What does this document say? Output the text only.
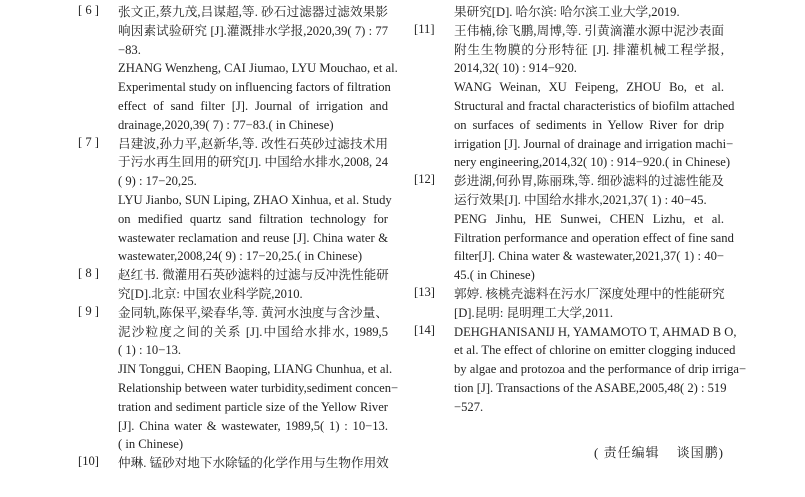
[ 6 ]	张文正,蔡九茂,吕谋超,等. 砂石过滤器过滤效果影
响因素试验研究 [J].灌溉排水学报,2020,39( 7) : 77
−83.
ZHANG Wenzheng, CAI Jiumao, LYU Mouchao, et al.
Experimental study on influencing factors of filtration
effect of sand filter [J]. Journal of irrigation and
drainage,2020,39( 7) : 77−83.( in Chinese)
[ 7 ]	吕建波,孙力平,赵新华,等. 改性石英砂过滤技术用
于污水再生回用的研究[J]. 中国给水排水,2008, 24
( 9) : 17−20,25.
LYU Jianbo, SUN Liping, ZHAO Xinhua, et al. Study
on medified quartz sand filtration technology for
wastewater reclamation and reuse [J]. China water &
wastewater,2008,24( 9) : 17−20,25.( in Chinese)
[ 8 ]	赵红书. 微灌用石英砂滤料的过滤与反冲洗性能研
究[D].北京: 中国农业科学院,2010.
[ 9 ]	金同轨,陈保平,梁春华,等. 黄河水浊度与含沙量、
泥沙粒度之间的关系 [J].中国给水排水, 1989,5
( 1) : 10−13.
JIN Tonggui, CHEN Baoping, LIANG Chunhua, et al.
Relationship between water turbidity,sediment concen−
tration and sediment particle size of the Yellow River
[J]. China water & wastewater, 1989,5( 1) : 10−13.
( in Chinese)
[10]	仲琳. 锰砂对地下水除锰的化学作用与生物作用效
果研究[D]. 哈尔滨: 哈尔滨工业大学,2019.
[11]	王伟楠,徐飞鹏,周博,等. 引黄滴灌水源中泥沙表面
附生生物膜的分形特征 [J]. 排灌机械工程学报,
2014,32( 10) : 914−920.
WANG Weinan, XU Feipeng, ZHOU Bo, et al.
Structural and fractal characteristics of biofilm attached
on surfaces of sediments in Yellow River for drip
irrigation [J]. Journal of drainage and irrigation machi−
nery engineering,2014,32( 10) : 914−920.( in Chinese)
[12]	彭进湖,何孙胃,陈丽珠,等. 细砂滤料的过滤性能及
运行效果[J]. 中国给水排水,2021,37( 1) : 40−45.
PENG Jinhu, HE Sunwei, CHEN Lizhu, et al.
Filtration performance and operation effect of fine sand
filter[J]. China water & wastewater,2021,37( 1) : 40−
45.( in Chinese)
[13]	郭婷. 核桃壳滤料在污水厂深度处理中的性能研究
[D].昆明: 昆明理工大学,2011.
[14]	DEHGHANISANIJ H, YAMAMOTO T, AHMAD B O,
et al. The effect of chlorine on emitter clogging induced
by algae and protozoa and the performance of drip irriga−
tion [J]. Transactions of the ASABE,2005,48( 2) : 519
−527.
( 责任编辑    谈国鹏)
